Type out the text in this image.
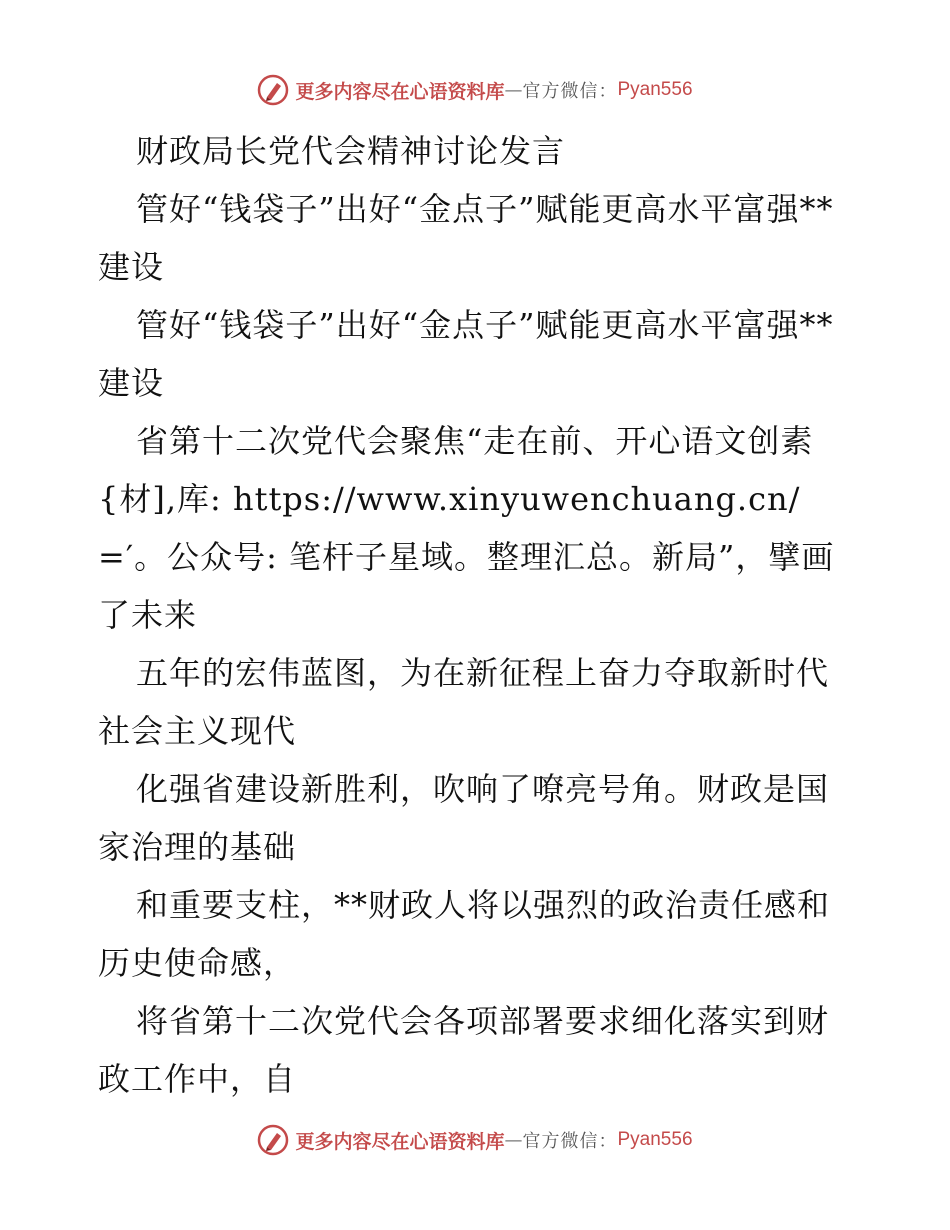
更多内容尽在心语资料库 — 官方微信： Pyan556

财政局长党代会精神讨论发言

管好“钱袋子”出好“金点子”赋能更高水平富强**建设

管好“钱袋子”出好“金点子”赋能更高水平富强**建设

省第十二次党代会聚焦“走在前、开心语文创素{材],库: https://www.xinyuwenchuang.cn/=′。公众号: 笔杆子星域。整理汇总。新局”，擘画了未来

五年的宏伟蓝图，为在新征程上奋力夺取新时代社会主义现代

化强省建设新胜利，吹响了嘹亮号角。财政是国家治理的基础

和重要支柱，**财政人将以强烈的政治责任感和历史使命感，

将省第十二次党代会各项部署要求细化落实到财政工作中，自

更多内容尽在心语资料库 — 官方微信： Pyan556
